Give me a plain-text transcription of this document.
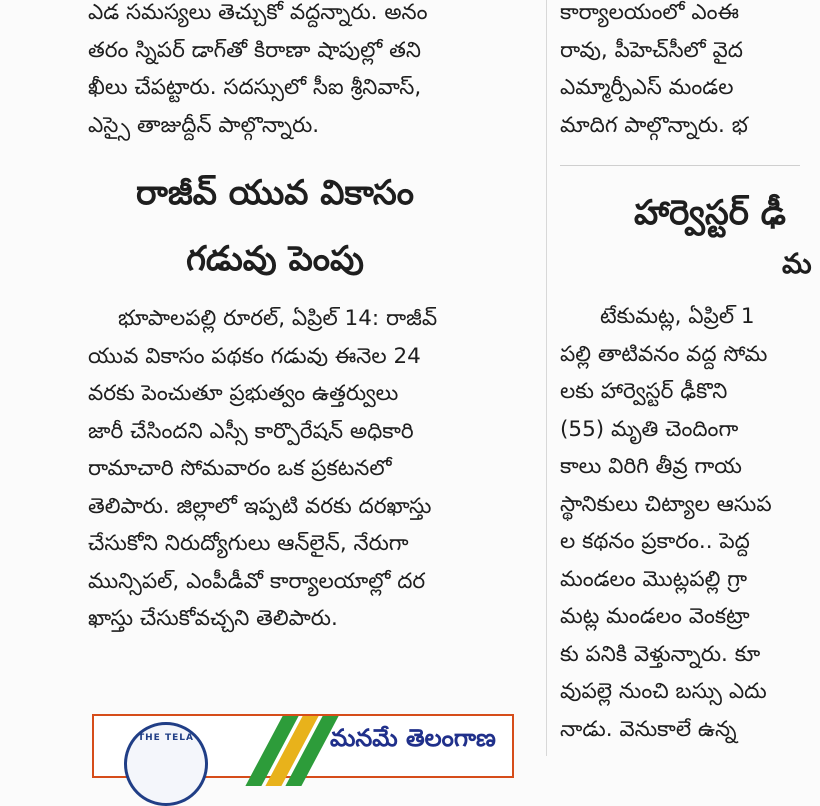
ఎడ సమస్యలు తెచ్చుకో వద్దన్నారు. అనం
తరం స్నిపర్ డాగ్‌తో కిరాణా షాపుల్లో తని
ఖీలు చేపట్టారు. సదస్సులో సీఐ శ్రీనివాస్,
ఎస్సై తాజుద్దీన్ పాల్గొన్నారు.

రాజీవ్ యువ వికాసం
గడువు పెంపు

భూపాలపల్లి రూరల్, ఏప్రిల్ 14: రాజీవ్
యువ వికాసం పథకం గడువు ఈనెల 24
వరకు పెంచుతూ ప్రభుత్వం ఉత్తర్వులు
జారీ చేసిందని ఎస్సీ కార్పొరేషన్ అధికారి
రామాచారి సోమవారం ఒక ప్రకటనలో
తెలిపారు. జిల్లాలో ఇప్పటి వరకు దరఖాస్తు
చేసుకోని నిరుద్యోగులు ఆన్‌లైన్, నేరుగా
మున్సిపల్, ఎంపీడీవో కార్యాలయాల్లో దర
ఖాస్తు చేసుకోవచ్చని తెలిపారు.

THE TELA	మనమే తెలంగాణ

కార్యాలయంలో ఎంఈ
రావు, పీహెచ్‌సీలో వైద
ఎమ్మార్పీఎస్ మండల
మాదిగ పాల్గొన్నారు. భ

హార్వెస్టర్ ఢీ
మ

టేకుమట్ల, ఏప్రిల్ 1
పల్లి తాటివనం వద్ద సోమ
లకు హార్వెస్టర్ ఢీకొని
(55) మృతి చెందింగా
కాలు విరిగి తీవ్ర గాయ
స్థానికులు చిట్యాల ఆసుప
ల కథనం ప్రకారం.. పెద్ద
మండలం మొట్లపల్లి గ్రా
మట్ల మండలం వెంకట్రా
కు పనికి వెళ్తున్నారు. కూ
వుపల్లె నుంచి బస్సు ఎదు
నాడు. వెనుకాలే ఉన్న
